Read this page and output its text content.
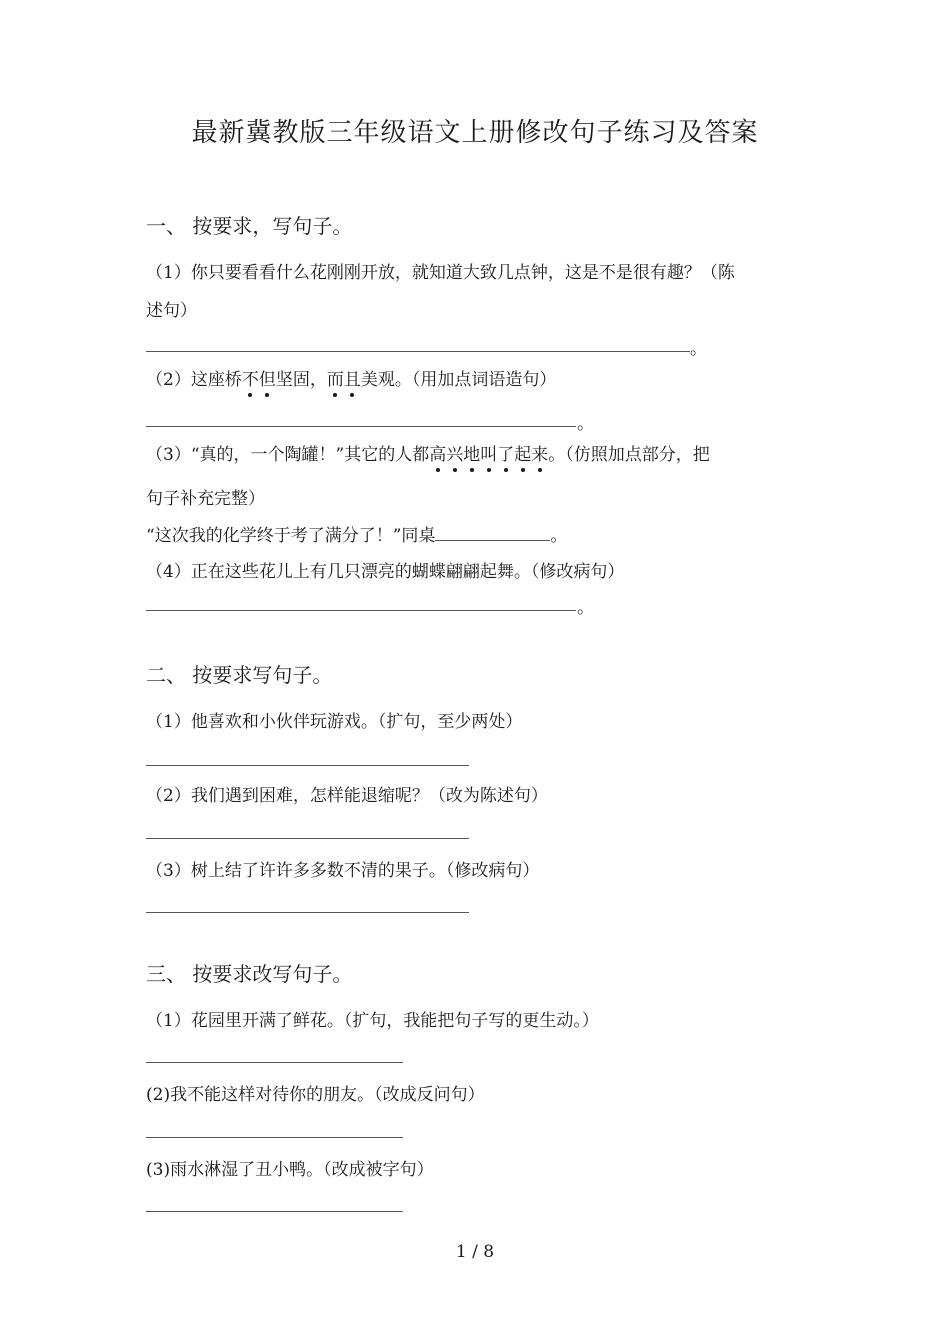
最新冀教版三年级语文上册修改句子练习及答案
一、 按要求，写句子。
（1）你只要看看什么花刚刚开放，就知道大致几点钟，这是不是很有趣？（陈
述句）
。
（2）这座桥不但坚固，而且美观。（用加点词语造句）
。
（3）“真的，一个陶罐！”其它的人都高兴地叫了起来。（仿照加点部分，把
句子补充完整）
“这次我的化学终于考了满分了！”同桌	。
（4）正在这些花儿上有几只漂亮的蝴蝶翩翩起舞。（修改病句）
。
二、 按要求写句子。
（1）他喜欢和小伙伴玩游戏。（扩句，至少两处）
（2）我们遇到困难，怎样能退缩呢？（改为陈述句）
（3）树上结了许许多多数不清的果子。（修改病句）
三、 按要求改写句子。
（1）花园里开满了鲜花。（扩句，我能把句子写的更生动。）
(2)我不能这样对待你的朋友。（改成反问句）
(3)雨水淋湿了丑小鸭。（改成被字句）
1 / 8
